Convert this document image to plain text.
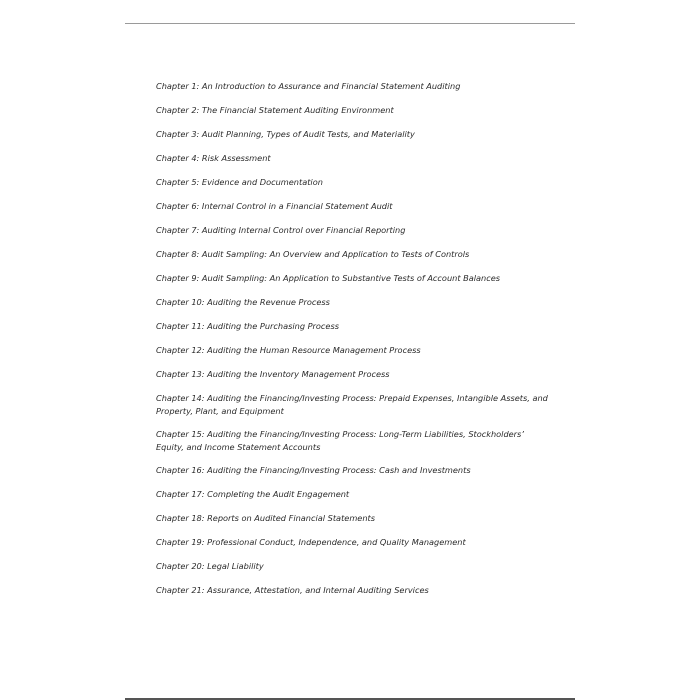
Chapter 1: An Introduction to Assurance and Financial Statement Auditing
Chapter 2: The Financial Statement Auditing Environment
Chapter 3: Audit Planning, Types of Audit Tests, and Materiality
Chapter 4: Risk Assessment
Chapter 5: Evidence and Documentation
Chapter 6: Internal Control in a Financial Statement Audit
Chapter 7: Auditing Internal Control over Financial Reporting
Chapter 8: Audit Sampling: An Overview and Application to Tests of Controls
Chapter 9: Audit Sampling: An Application to Substantive Tests of Account Balances
Chapter 10: Auditing the Revenue Process
Chapter 11: Auditing the Purchasing Process
Chapter 12: Auditing the Human Resource Management Process
Chapter 13: Auditing the Inventory Management Process
Chapter 14: Auditing the Financing/Investing Process: Prepaid Expenses, Intangible Assets, and Property, Plant, and Equipment
Chapter 15: Auditing the Financing/Investing Process: Long-Term Liabilities, Stockholders’ Equity, and Income Statement Accounts
Chapter 16: Auditing the Financing/Investing Process: Cash and Investments
Chapter 17: Completing the Audit Engagement
Chapter 18: Reports on Audited Financial Statements
Chapter 19: Professional Conduct, Independence, and Quality Management
Chapter 20: Legal Liability
Chapter 21: Assurance, Attestation, and Internal Auditing Services
